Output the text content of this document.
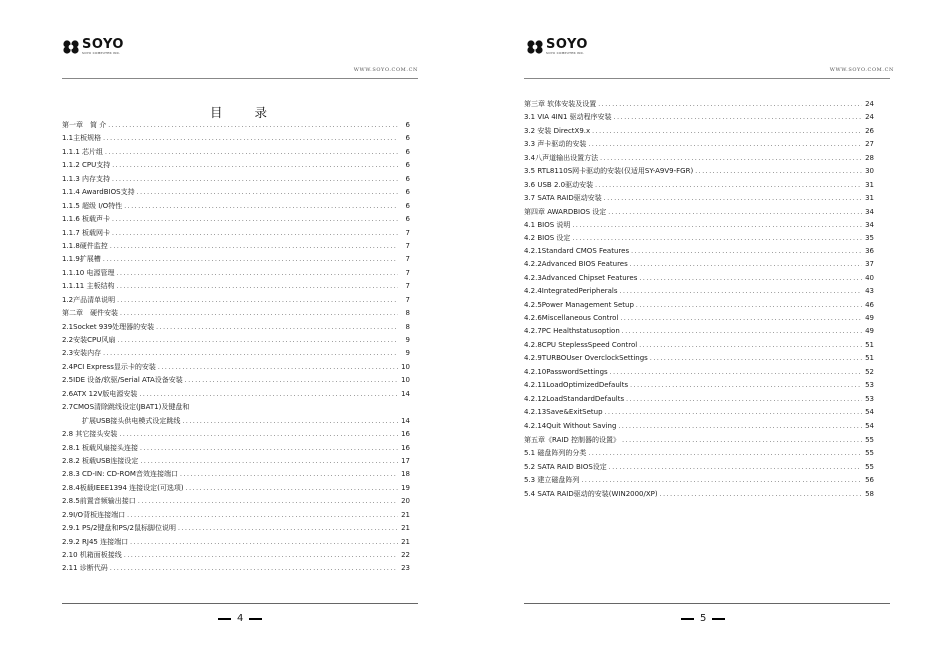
SOYO
SOYO COMPUTER INC.
WWW.SOYO.COM.CN
目 录
第一章　简 介 .....	6
1.1主板规格 .....	6
1.1.1 芯片组 .....	6
1.1.2 CPU支持 .....	6
1.1.3 内存支持 .....	6
1.1.4 AwardBIOS支持 .....	6
1.1.5 超级 I/O特性 .....	6
1.1.6 板载声卡 .....	6
1.1.7 板载网卡 .....	7
1.1.8硬件监控 .....	7
1.1.9扩展槽 .....	7
1.1.10 电源管理 .....	7
1.1.11 主板结构 .....	7
1.2产品清单说明 .....	7
第二章　硬件安装 .....	8
2.1Socket 939处理器的安装 .....	8
2.2安装CPU风扇 .....	9
2.3安装内存 .....	9
2.4PCI Express显示卡的安装 .....	10
2.5IDE 设备/软驱/Serial ATA设备安装 .....	10
2.6ATX 12V版电源安装 .....	14
2.7CMOS清除跳线设定(JBAT1)及键盘和
扩展USB接头供电模式设定跳线 .....	14
2.8 其它接头安装 .....	16
2.8.1 板载风扇接头连接 .....	16
2.8.2 板载USB连接设定 .....	17
2.8.3 CD-IN: CD-ROM音效连接端口 .....	18
2.8.4板载IEEE1394 连接设定(可选项) .....	19
2.8.5前置音频输出接口 .....	20
2.9I/O背板连接端口 .....	21
2.9.1 PS/2键盘和PS/2鼠标脚位说明 .....	21
2.9.2 RJ45 连接端口 .....	21
2.10 机箱面板接线 .....	22
2.11 诊断代码 .....	23
4
SOYO
SOYO COMPUTER INC.
WWW.SOYO.COM.CN
第三章 软体安装及设置 .....	24
3.1 VIA 4IN1 驱动程序安装 .....	24
3.2 安装 DirectX9.x .....	26
3.3 声卡驱动的安装 .....	27
3.4八声道输出设置方法 .....	28
3.5 RTL8110S网卡驱动的安装(仅适用SY-A9V9-FGR) .....	30
3.6 USB 2.0驱动安装 .....	31
3.7 SATA RAID驱动安装 .....	31
第四章 AWARDBIOS 设定 .....	34
4.1 BIOS 说明 .....	34
4.2 BIOS 设定 .....	35
4.2.1Standard CMOS Features .....	36
4.2.2Advanced BIOS Features .....	37
4.2.3Advanced Chipset Features .....	40
4.2.4IntegratedPeripherals .....	43
4.2.5Power Management Setup .....	46
4.2.6Miscellaneous Control .....	49
4.2.7PC Healthstatusoption .....	49
4.2.8CPU SteplessSpeed Control .....	51
4.2.9TURBOUser OverclockSettings .....	51
4.2.10PasswordSettings .....	52
4.2.11LoadOptimizedDefaults .....	53
4.2.12LoadStandardDefaults .....	53
4.2.13Save&ExitSetup .....	54
4.2.14Quit Without Saving .....	54
第五章《RAID 控制器的设置》 .....	55
5.1 磁盘阵列的分类 .....	55
5.2 SATA RAID BIOS设定 .....	55
5.3 建立磁盘阵列 .....	56
5.4 SATA RAID驱动的安装(WIN2000/XP) .....	58
5
